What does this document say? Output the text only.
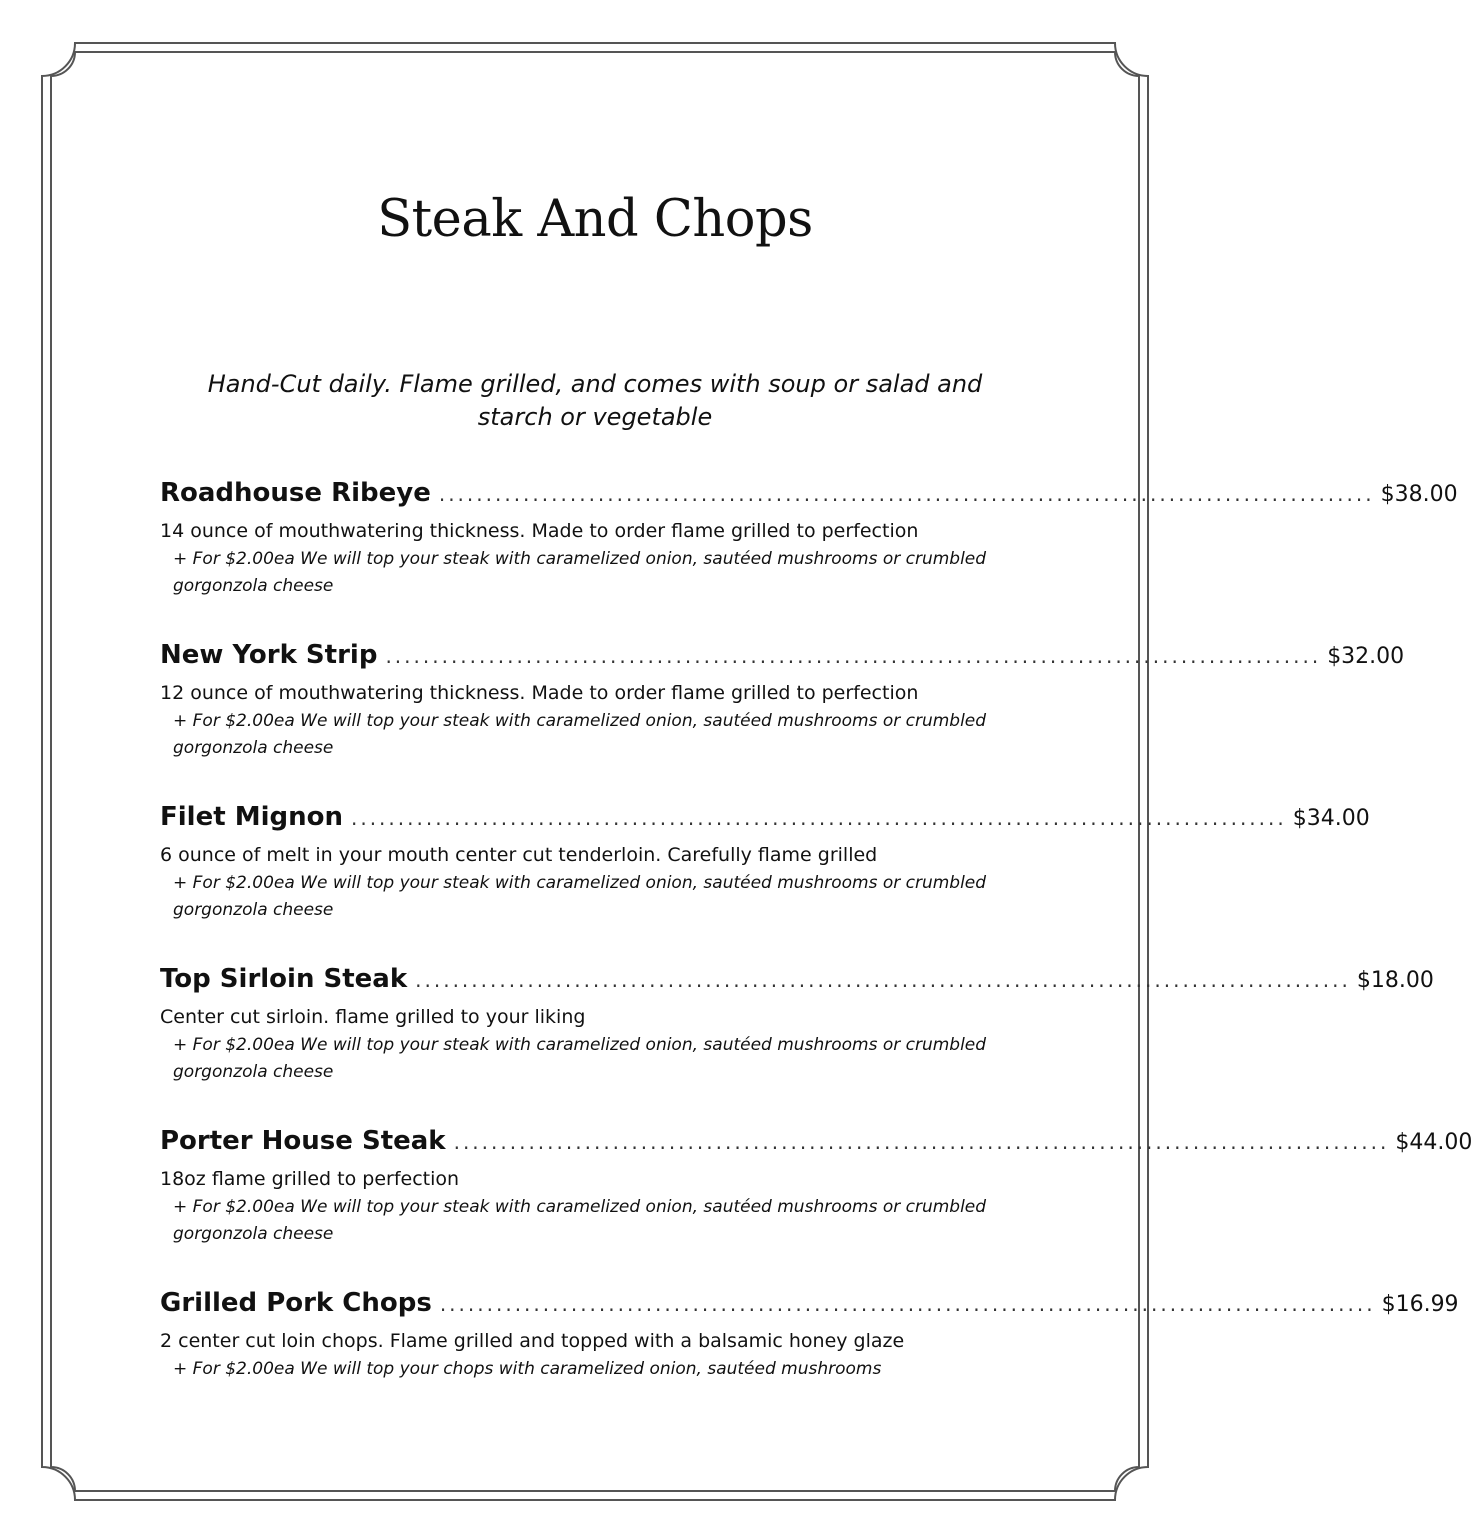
Steak And Chops

Hand-Cut daily. Flame grilled, and comes with soup or salad and starch or vegetable

Roadhouse Ribeye .................................................................................................... $38.00
14 ounce of mouthwatering thickness. Made to order flame grilled to perfection
+ For $2.00ea We will top your steak with caramelized onion, sautéed mushrooms or crumbled gorgonzola cheese
New York Strip .................................................................................................... $32.00
12 ounce of mouthwatering thickness. Made to order flame grilled to perfection
+ For $2.00ea We will top your steak with caramelized onion, sautéed mushrooms or crumbled gorgonzola cheese
Filet Mignon .................................................................................................... $34.00
6 ounce of melt in your mouth center cut tenderloin. Carefully flame grilled
+ For $2.00ea We will top your steak with caramelized onion, sautéed mushrooms or crumbled gorgonzola cheese
Top Sirloin Steak .................................................................................................... $18.00
Center cut sirloin. flame grilled to your liking
+ For $2.00ea We will top your steak with caramelized onion, sautéed mushrooms or crumbled gorgonzola cheese
Porter House Steak .................................................................................................... $44.00
18oz flame grilled to perfection
+ For $2.00ea We will top your steak with caramelized onion, sautéed mushrooms or crumbled gorgonzola cheese
Grilled Pork Chops .................................................................................................... $16.99
2 center cut loin chops. Flame grilled and topped with a balsamic honey glaze
+ For $2.00ea We will top your chops with caramelized onion, sautéed mushrooms
